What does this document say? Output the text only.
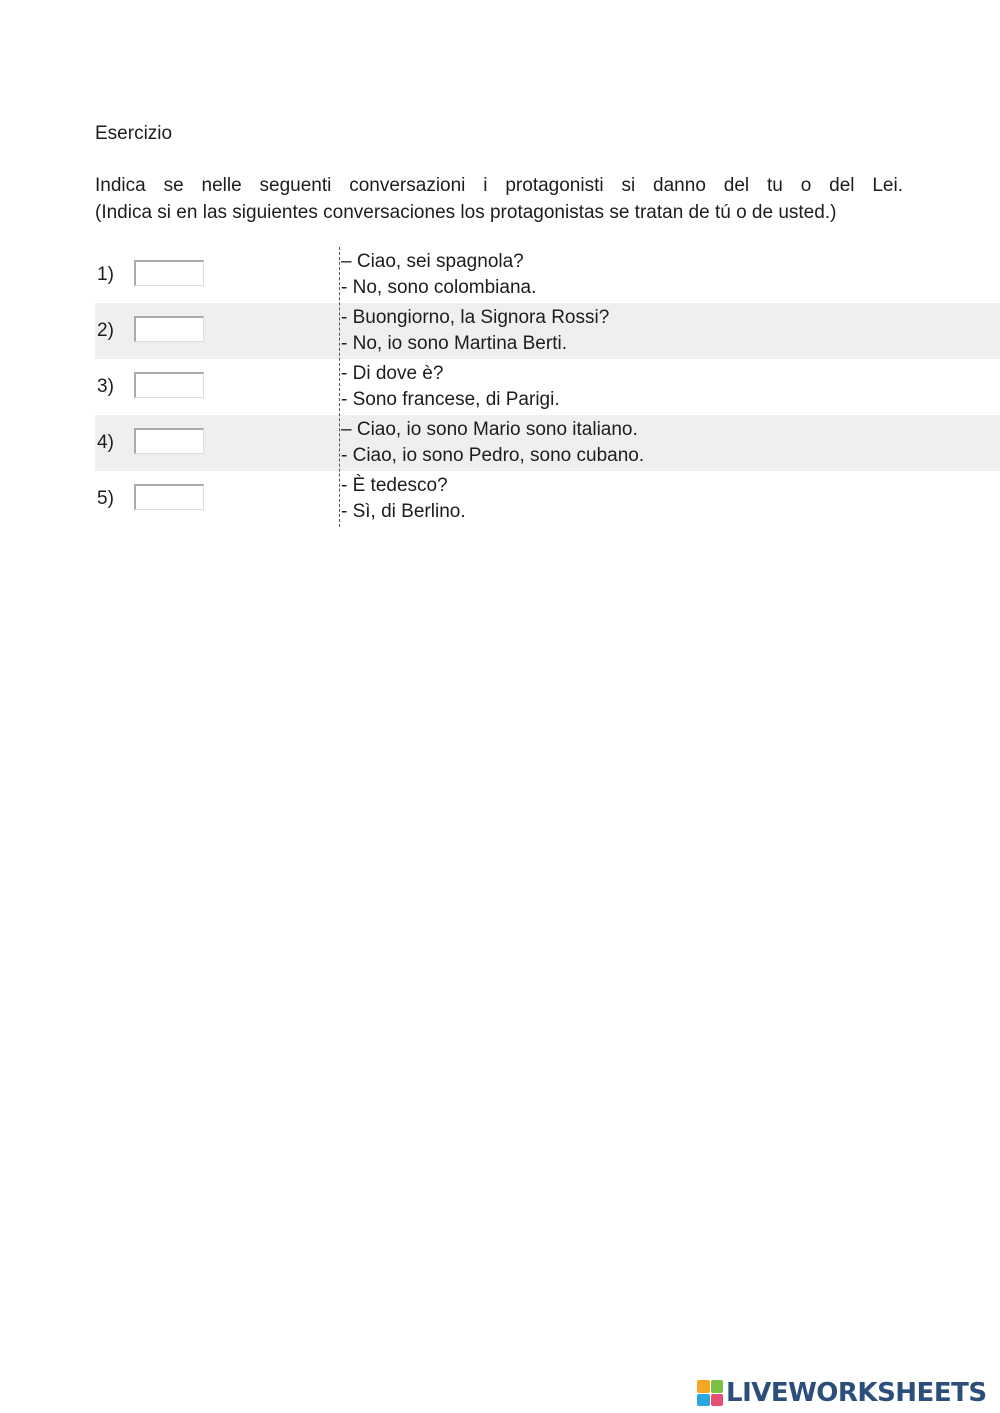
Esercizio
Indica se nelle seguenti conversazioni i protagonisti si danno del tu o del Lei.
(Indica si en las siguientes conversaciones los protagonistas se tratan de tú o de usted.)
1)
– Ciao, sei spagnola?
- No, sono colombiana.
2)
- Buongiorno, la Signora Rossi?
- No, io sono Martina Berti.
3)
- Di dove è?
- Sono francese, di Parigi.
4)
– Ciao, io sono Mario sono italiano.
- Ciao, io sono Pedro, sono cubano.
5)
- È tedesco?
- Sì, di Berlino.
LIVEWORKSHEETS
